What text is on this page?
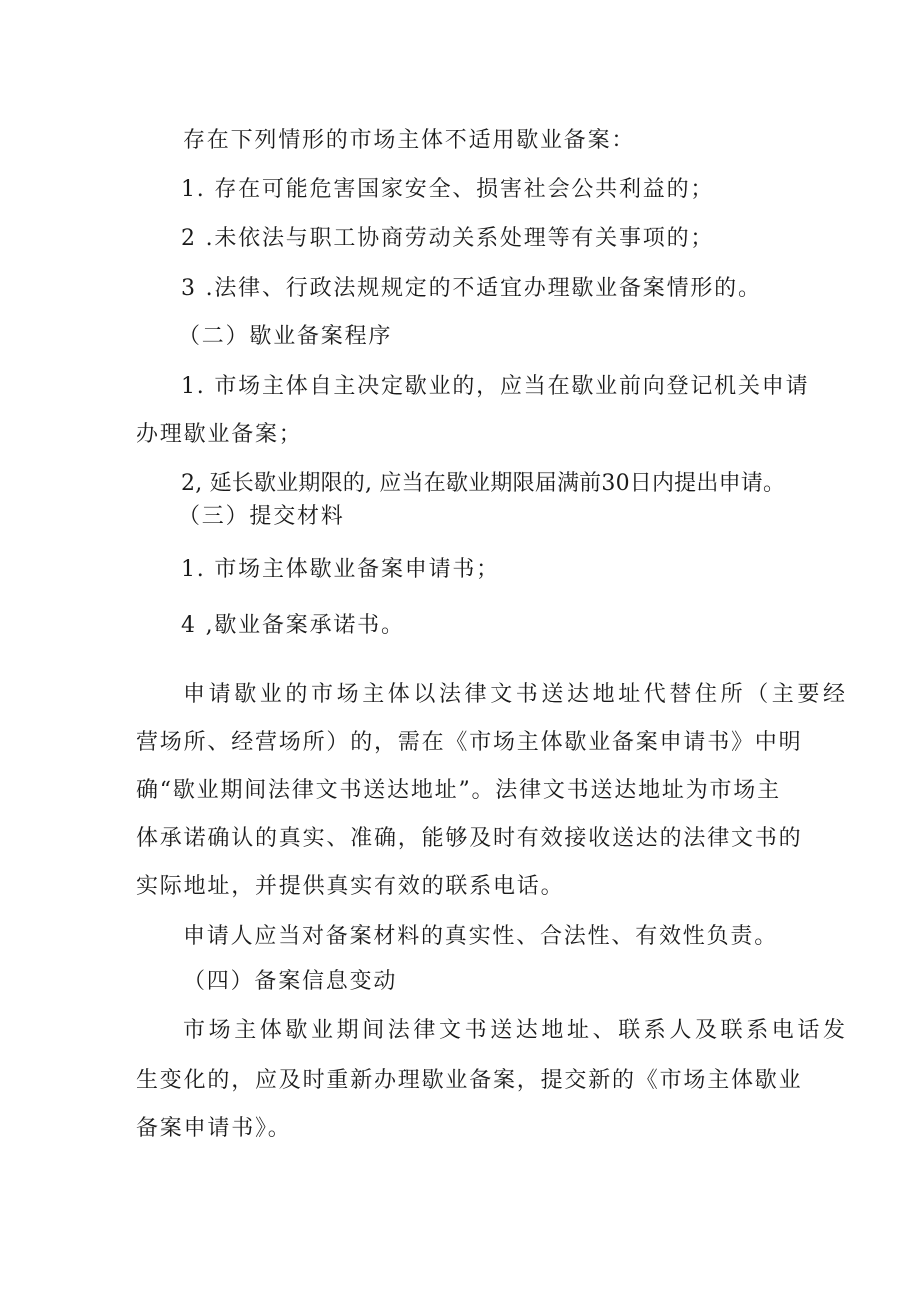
存在下列情形的市场主体不适用歇业备案：
1. 存在可能危害国家安全、损害社会公共利益的；
2 .未依法与职工协商劳动关系处理等有关事项的；
3 .法律、行政法规规定的不适宜办理歇业备案情形的。
（二）歇业备案程序
1. 市场主体自主决定歇业的，应当在歇业前向登记机关申请
办理歇业备案；
2, 延长歇业期限的, 应当在歇业期限届满前30日内提出申请。
（三）提交材料
1. 市场主体歇业备案申请书；
4 ,歇业备案承诺书。
申请歇业的市场主体以法律文书送达地址代替住所（主要经
营场所、经营场所）的，需在《市场主体歇业备案申请书》中明
确“歇业期间法律文书送达地址”。法律文书送达地址为市场主
体承诺确认的真实、准确，能够及时有效接收送达的法律文书的
实际地址，并提供真实有效的联系电话。
申请人应当对备案材料的真实性、合法性、有效性负责。
（四）备案信息变动
市场主体歇业期间法律文书送达地址、联系人及联系电话发
生变化的，应及时重新办理歇业备案，提交新的《市场主体歇业
备案申请书》。
